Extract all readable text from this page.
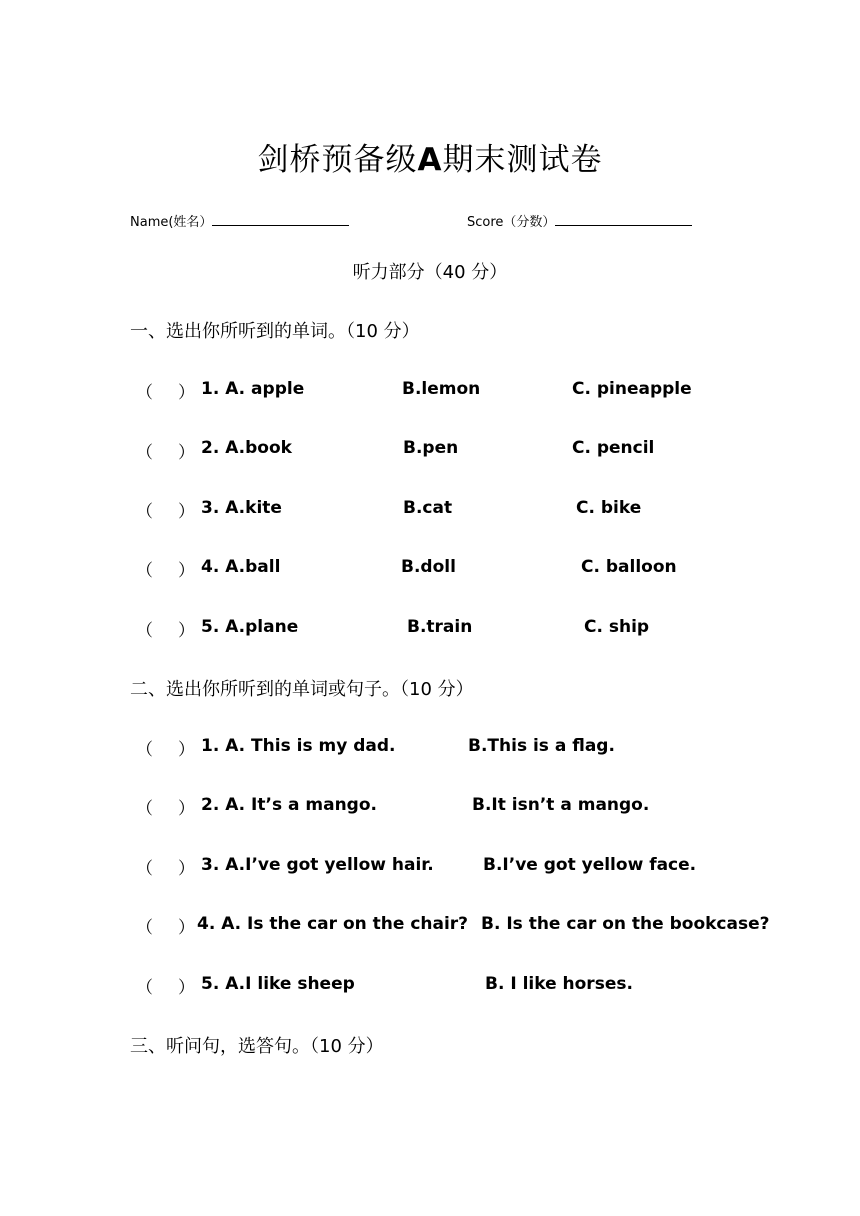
剑桥预备级A期末测试卷
Name(姓名）	Score（分数）
听力部分（40 分）
一、选出你所听到的单词。（10 分）
（ ） 1. A. apple	B.lemon	C. pineapple
（ ） 2. A.book	B.pen	C. pencil
（ ） 3. A.kite	B.cat	C. bike
（ ） 4. A.ball	B.doll	C. balloon
（ ） 5. A.plane	B.train	C. ship
二、选出你所听到的单词或句子。（10 分）
（ ） 1. A. This is my dad.	B.This is a flag.
（ ） 2. A. It’s a mango.	B.It isn’t a mango.
（ ） 3. A.I’ve got yellow hair.	B.I’ve got yellow face.
（ ） 4. A. Is the car on the chair? B. Is the car on the bookcase?
（ ） 5. A.I like sheep	B. I like horses.
三、听问句，选答句。（10 分）
